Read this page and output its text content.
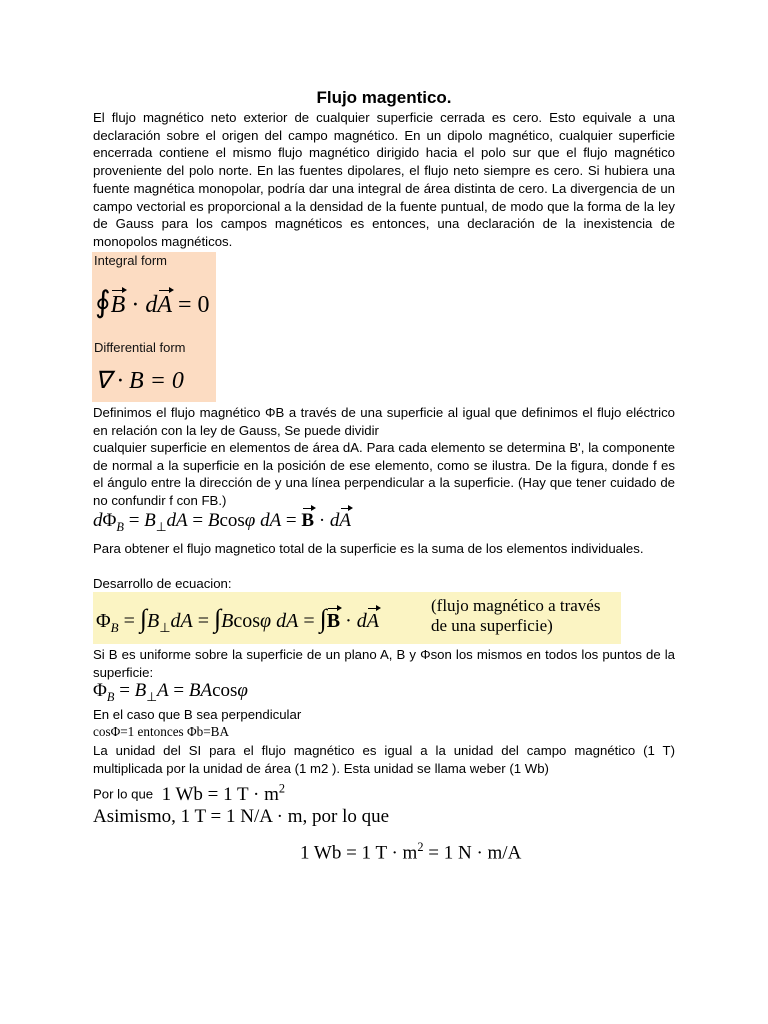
Flujo magentico.

El flujo magnético neto exterior de cualquier superficie cerrada es cero. Esto equivale a una declaración sobre el origen del campo magnético. En un dipolo magnético, cualquier superficie encerrada contiene el mismo flujo magnético dirigido hacia el polo sur que el flujo magnético proveniente del polo norte. En las fuentes dipolares, el flujo neto siempre es cero. Si hubiera una fuente magnética monopolar, podría dar una integral de área distinta de cero. La divergencia de un campo vectorial es proporcional a la densidad de la fuente puntual, de modo que la forma de la ley de Gauss para los campos magnéticos es entonces, una declaración de la inexistencia de monopolos magnéticos.

Integral form
∮B · dA = 0
Differential form
∇ · B = 0

Definimos el flujo magnético ΦB a través de una superficie al igual que definimos el flujo eléctrico en relación con la ley de Gauss, Se puede dividir

cualquier superficie en elementos de área dA. Para cada elemento se determina B', la componente de normal a la superficie en la posición de ese elemento, como se ilustra. De la figura, donde f es el ángulo entre la dirección de y una línea perpendicular a la superficie. (Hay que tener cuidado de no confundir f con FB.)

$d\Phi_B = B_\perp dA = Bcos\varphi$ dA = B · dA

Para obtener el flujo magnetico total de la superficie es la suma de los elementos individuales.

Desarrollo de ecuacion:

$\Phi_B = \int B_\perp dA = \int Bcos\varphi$ dA = ∫B · dA
(flujo magnético a través
de una superficie)

Si B es uniforme sobre la superficie de un plano A, B y Φson los mismos en todos los puntos de la superficie:

$\Phi_B = B_\perp A = BAcos\varphi$

En el caso que B sea perpendicular

cosΦ=1 entonces Φb=BA

La unidad del SI para el flujo magnético es igual a la unidad del campo magnético (1 T) multiplicada por la unidad de área (1 m2 ). Esta unidad se llama weber (1 Wb)

Por lo que 1 Wb = 1 $T \cdot m^2$
Asimismo, 1 T = 1 N/A · m, por lo que
1 Wb = 1 $T \cdot m^2 = 1$ N · m/A
